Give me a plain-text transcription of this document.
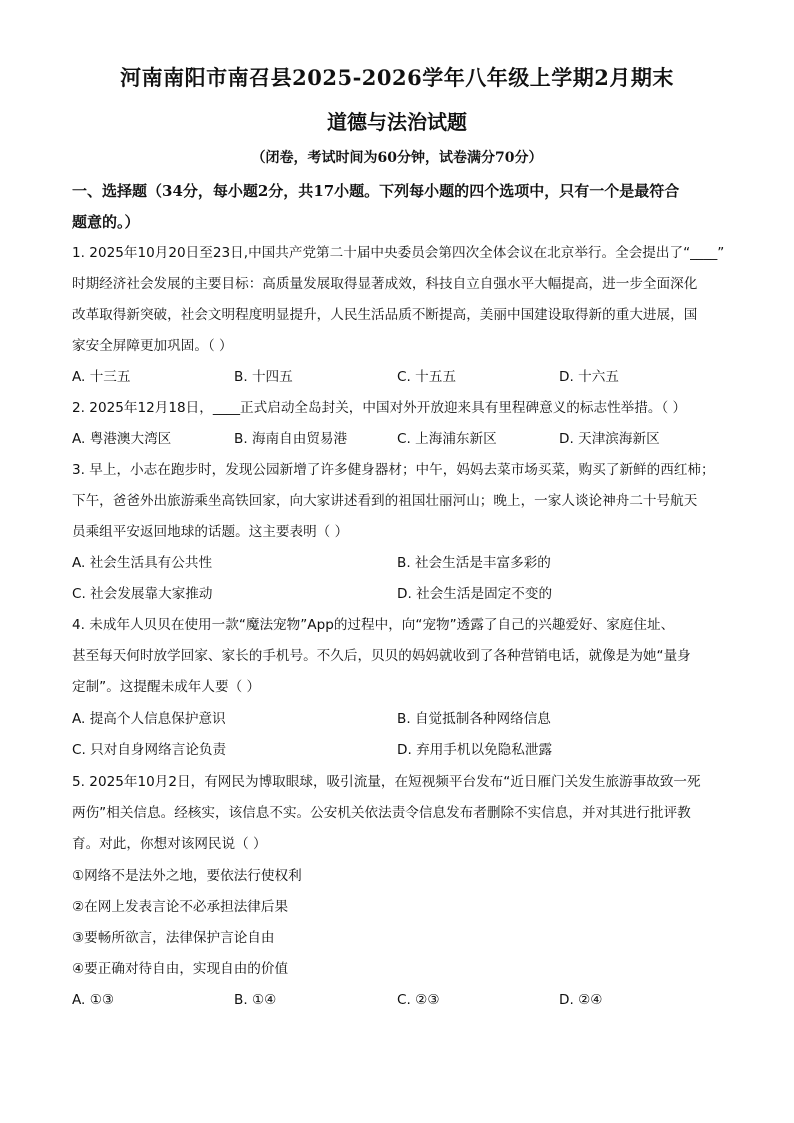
河南南阳市南召县2025-2026学年八年级上学期2月期末
道德与法治试题
（闭卷，考试时间为60分钟，试卷满分70分）
一、选择题（34分，每小题2分，共17小题。下列每小题的四个选项中，只有一个是最符合
题意的。）
1. 2025年10月20日至23日,中国共产党第二十届中央委员会第四次全体会议在北京举行。全会提出了“____”
时期经济社会发展的主要目标：高质量发展取得显著成效，科技自立自强水平大幅提高，进一步全面深化
改革取得新突破，社会文明程度明显提升，人民生活品质不断提高，美丽中国建设取得新的重大进展，国
家安全屏障更加巩固。（ ）
A. 十三五	B. 十四五	C. 十五五	D. 十六五
2. 2025年12月18日，____正式启动全岛封关，中国对外开放迎来具有里程碑意义的标志性举措。（ ）
A. 粤港澳大湾区	B. 海南自由贸易港	C. 上海浦东新区	D. 天津滨海新区
3. 早上，小志在跑步时，发现公园新增了许多健身器材；中午，妈妈去菜市场买菜，购买了新鲜的西红柿；
下午，爸爸外出旅游乘坐高铁回家，向大家讲述看到的祖国壮丽河山；晚上，一家人谈论神舟二十号航天
员乘组平安返回地球的话题。这主要表明（ ）
A. 社会生活具有公共性	B. 社会生活是丰富多彩的
C. 社会发展靠大家推动	D. 社会生活是固定不变的
4. 未成年人贝贝在使用一款“魔法宠物”App的过程中，向“宠物”透露了自己的兴趣爱好、家庭住址、
甚至每天何时放学回家、家长的手机号。不久后，贝贝的妈妈就收到了各种营销电话，就像是为她“量身
定制”。这提醒未成年人要（ ）
A. 提高个人信息保护意识	B. 自觉抵制各种网络信息
C. 只对自身网络言论负责	D. 弃用手机以免隐私泄露
5. 2025年10月2日，有网民为博取眼球，吸引流量，在短视频平台发布“近日雁门关发生旅游事故致一死
两伤”相关信息。经核实，该信息不实。公安机关依法责令信息发布者删除不实信息，并对其进行批评教
育。对此，你想对该网民说（ ）
①网络不是法外之地，要依法行使权利
②在网上发表言论不必承担法律后果
③要畅所欲言，法律保护言论自由
④要正确对待自由，实现自由的价值
A. ①③	B. ①④	C. ②③	D. ②④
